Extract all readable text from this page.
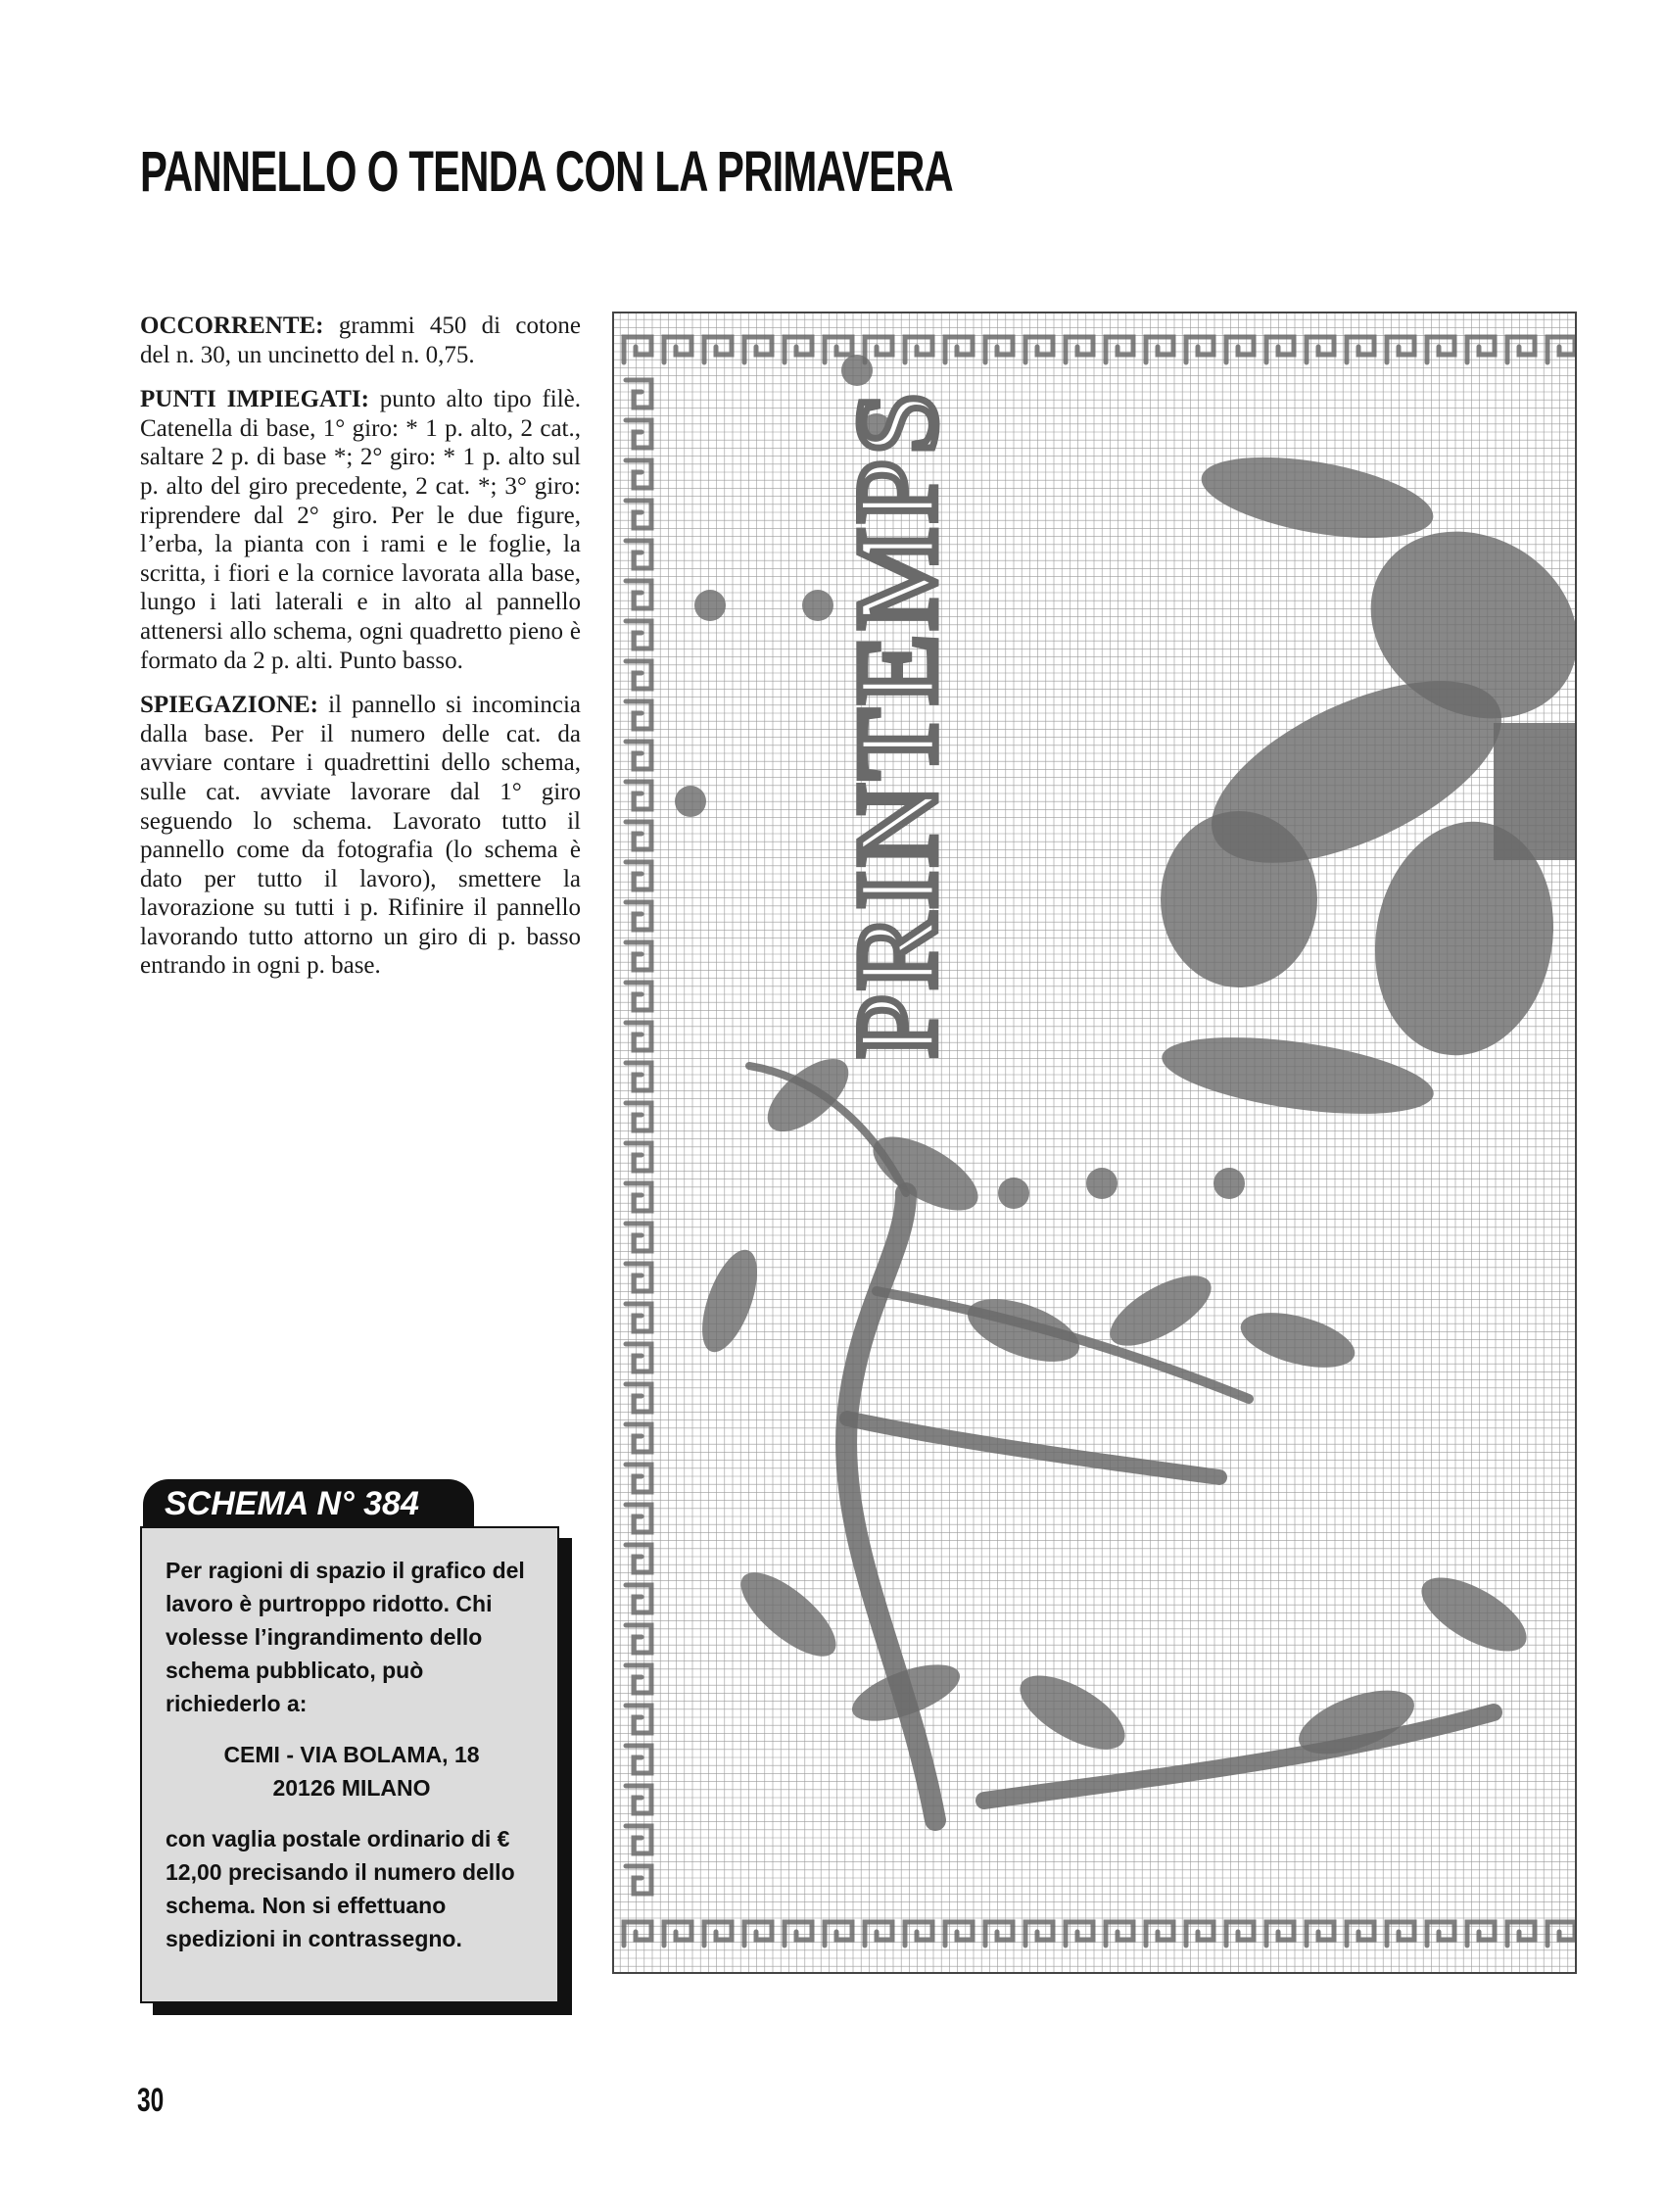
PANNELLO O TENDA CON LA PRIMAVERA

OCCORRENTE: grammi 450 di cotone del n. 30, un uncinetto del n. 0,75.

PUNTI IMPIEGATI: punto alto tipo filè. Catenella di base, 1° giro: * 1 p. alto, 2 cat., saltare 2 p. di base *; 2° giro: * 1 p. alto sul p. alto del giro precedente, 2 cat. *; 3° giro: riprendere dal 2° giro. Per le due figure, l’erba, la pianta con i rami e le foglie, la scritta, i fiori e la cornice lavorata alla base, lungo i lati laterali e in alto al pannello attenersi allo schema, ogni quadretto pieno è formato da 2 p. alti. Punto basso.

SPIEGAZIONE: il pannello si incomincia dalla base. Per il numero delle cat. da avviare contare i quadrettini dello schema, sulle cat. avviate lavorare dal 1° giro seguendo lo schema. Lavorato tutto il pannello come da fotografia (lo schema è dato per tutto il lavoro), smettere la lavorazione su tutti i p. Rifinire il pannello lavorando tutto attorno un giro di p. basso entrando in ogni p. base.

SCHEMA N° 384
Per ragioni di spazio il grafico del lavoro è purtroppo ridotto. Chi volesse l’ingrandimento dello schema pubblicato, può richiederlo a:
CEMI - VIA BOLAMA, 18
20126 MILANO
con vaglia postale ordinario di € 12,00 precisando il numero dello schema. Non si effettuano spedizioni in contrassegno.
PRINTEMPS
30
